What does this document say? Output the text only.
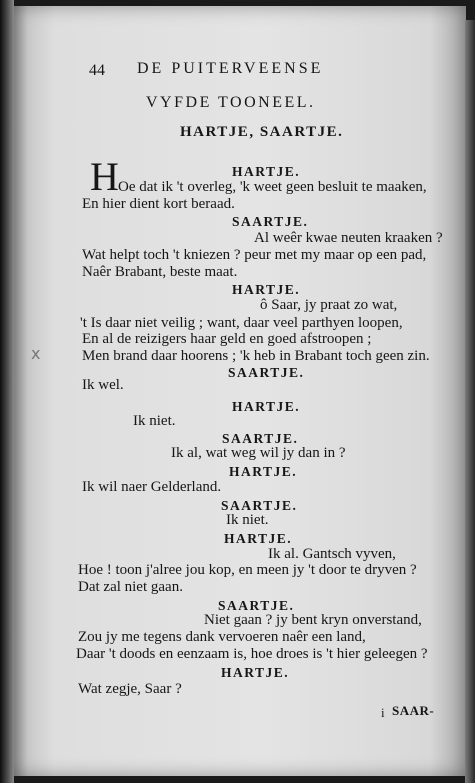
44 DE PUITERVEENSE
VYFDE TOONEEL.
HARTJE, SAARTJE.
H
x
HARTJE.
Oe dat ik 't overleg, 'k weet geen besluit te maaken,
En hier dient kort beraad.
SAARTJE.
Al weêr kwae neuten kraaken ?
Wat helpt toch 't kniezen ? peur met my maar op een pad,
Naêr Brabant, beste maat.
HARTJE.
ô Saar, jy praat zo wat,
't Is daar niet veilig ; want, daar veel parthyen loopen,
En al de reizigers haar geld en goed afstroopen ;
Men brand daar hoorens ; 'k heb in Brabant toch geen zin.
SAARTJE.
Ik wel.
HARTJE.
Ik niet.
SAARTJE.
Ik al, wat weg wil jy dan in ?
HARTJE.
Ik wil naer Gelderland.
SAARTJE.
Ik niet.
HARTJE.
Ik al. Gantsch vyven,
Hoe ! toon j'alree jou kop, en meen jy 't door te dryven ?
Dat zal niet gaan.
SAARTJE.
Niet gaan ? jy bent kryn onverstand,
Zou jy me tegens dank vervoeren naêr een land,
Daar 't doods en eenzaam is, hoe droes is 't hier geleegen ?
HARTJE.
Wat zegje, Saar ?
i SAAR-
